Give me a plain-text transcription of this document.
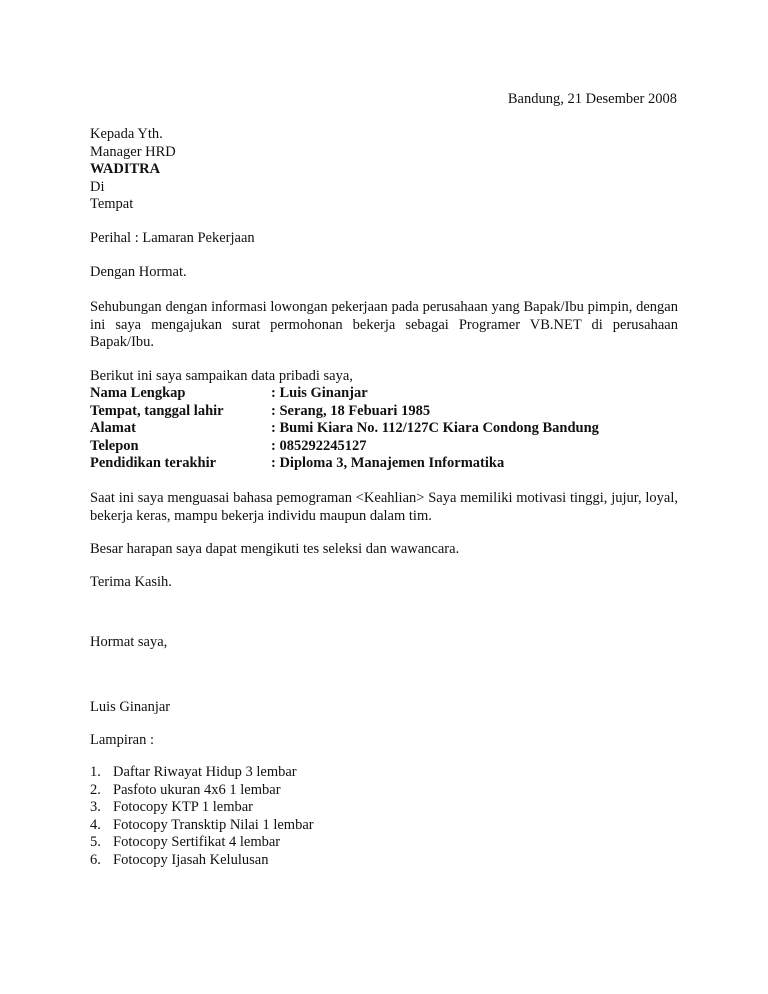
Bandung, 21 Desember 2008
Kepada Yth.
Manager HRD
WADITRA
Di
Tempat
Perihal : Lamaran Pekerjaan
Dengan Hormat.
Sehubungan dengan informasi lowongan pekerjaan pada perusahaan yang Bapak/Ibu pimpin, dengan ini saya mengajukan surat permohonan bekerja sebagai Programer VB.NET di perusahaan Bapak/Ibu.
Berikut ini saya sampaikan data pribadi saya,
Nama Lengkap	: Luis Ginanjar
Tempat, tanggal lahir	: Serang, 18 Febuari 1985
Alamat	: Bumi Kiara No. 112/127C Kiara Condong Bandung
Telepon	: 085292245127
Pendidikan terakhir	: Diploma 3, Manajemen Informatika
Saat ini saya menguasai bahasa pemograman <Keahlian> Saya memiliki motivasi tinggi, jujur, loyal, bekerja keras, mampu bekerja individu maupun dalam tim.
Besar harapan saya dapat mengikuti tes seleksi dan wawancara.
Terima Kasih.
Hormat saya,
Luis Ginanjar
Lampiran :
1. Daftar Riwayat Hidup 3 lembar
2. Pasfoto ukuran 4x6 1 lembar
3. Fotocopy KTP 1 lembar
4. Fotocopy Transktip Nilai 1 lembar
5. Fotocopy Sertifikat 4 lembar
6. Fotocopy Ijasah Kelulusan
